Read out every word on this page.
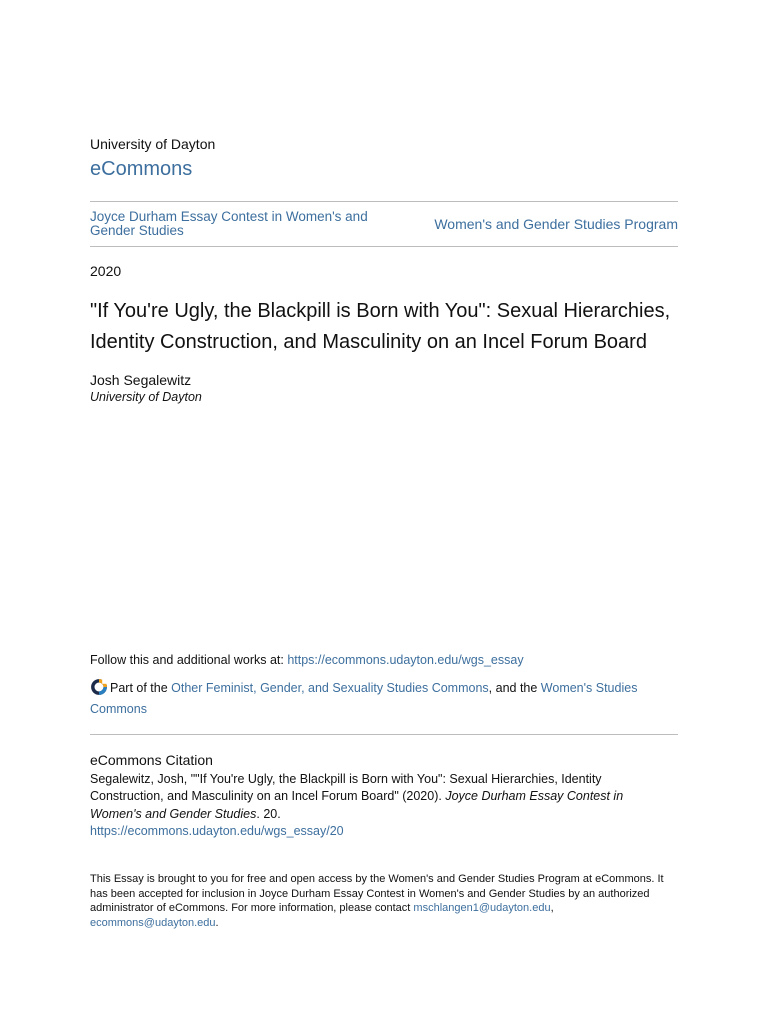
University of Dayton
eCommons
Joyce Durham Essay Contest in Women's and Gender Studies	Women's and Gender Studies Program
2020
"If You're Ugly, the Blackpill is Born with You": Sexual Hierarchies, Identity Construction, and Masculinity on an Incel Forum Board
Josh Segalewitz
University of Dayton
Follow this and additional works at: https://ecommons.udayton.edu/wgs_essay
Part of the Other Feminist, Gender, and Sexuality Studies Commons, and the Women's Studies Commons
eCommons Citation
Segalewitz, Josh, ""If You're Ugly, the Blackpill is Born with You": Sexual Hierarchies, Identity Construction, and Masculinity on an Incel Forum Board" (2020). Joyce Durham Essay Contest in Women's and Gender Studies. 20.
https://ecommons.udayton.edu/wgs_essay/20
This Essay is brought to you for free and open access by the Women's and Gender Studies Program at eCommons. It has been accepted for inclusion in Joyce Durham Essay Contest in Women's and Gender Studies by an authorized administrator of eCommons. For more information, please contact mschlangen1@udayton.edu, ecommons@udayton.edu.
